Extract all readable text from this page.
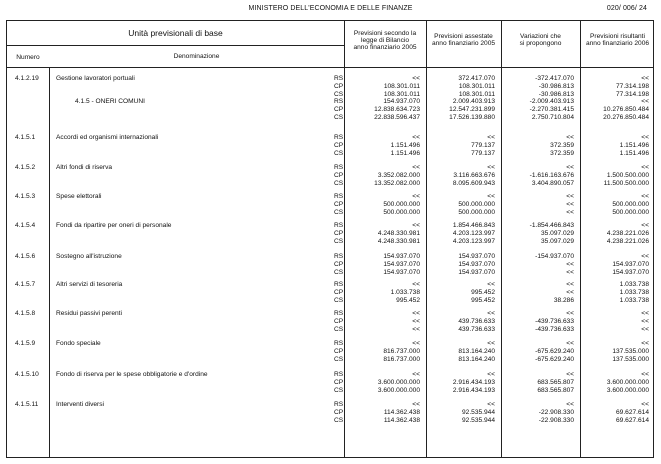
MINISTERO DELL'ECONOMIA E DELLE FINANZE	020/ 006/ 24
Unità previsionali di base
Numero	Denominazione
Previsioni secondo la
legge di Bilancio
anno finanziario 2005
Previsioni assestate
anno finanziario 2005
Variazioni che
si propongono
Previsioni risultanti
anno finanziario 2006
4.1.2.19	Gestione lavoratori portuali	RS	<<	372.417.070	-372.417.070	<<
CP	108.301.011	108.301.011	-30.986.813	77.314.198
CS	108.301.011	108.301.011	-30.986.813	77.314.198
4.1.5 - ONERI COMUNI	RS	154.937.070	2.009.403.913	-2.009.403.913	<<
CP	12.838.634.723	12.547.231.899	-2.270.381.415	10.276.850.484
CS	22.838.596.437	17.526.139.880	2.750.710.804	20.276.850.484
4.1.5.1	Accordi ed organismi internazionali	RS	<<	<<	<<	<<
CP	1.151.496	779.137	372.359	1.151.496
CS	1.151.496	779.137	372.359	1.151.496
4.1.5.2	Altri fondi di riserva	RS	<<	<<	<<	<<
CP	3.352.082.000	3.116.663.676	-1.616.163.676	1.500.500.000
CS	13.352.082.000	8.095.609.943	3.404.890.057	11.500.500.000
4.1.5.3	Spese elettorali	RS	<<	<<	<<	<<
CP	500.000.000	500.000.000	<<	500.000.000
CS	500.000.000	500.000.000	<<	500.000.000
4.1.5.4	Fondi da ripartire per oneri di personale	RS	<<	1.854.466.843	-1.854.466.843	<<
CP	4.248.330.981	4.203.123.997	35.097.029	4.238.221.026
CS	4.248.330.981	4.203.123.997	35.097.029	4.238.221.026
4.1.5.6	Sostegno all'istruzione	RS	154.937.070	154.937.070	-154.937.070	<<
CP	154.937.070	154.937.070	<<	154.937.070
CS	154.937.070	154.937.070	<<	154.937.070
4.1.5.7	Altri servizi di tesoreria	RS	<<	<<	<<	1.033.738
CP	1.033.738	995.452	<<	1.033.738
CS	995.452	995.452	38.286	1.033.738
4.1.5.8	Residui passivi perenti	RS	<<	<<	<<	<<
CP	<<	439.736.633	-439.736.633	<<
CS	<<	439.736.633	-439.736.633	<<
4.1.5.9	Fondo speciale	RS	<<	<<	<<	<<
CP	816.737.000	813.164.240	-675.629.240	137.535.000
CS	816.737.000	813.164.240	-675.629.240	137.535.000
4.1.5.10	Fondo di riserva per le spese obbligatorie e d'ordine	RS	<<	<<	<<	<<
CP	3.600.000.000	2.916.434.193	683.565.807	3.600.000.000
CS	3.600.000.000	2.916.434.193	683.565.807	3.600.000.000
4.1.5.11	Interventi diversi	RS	<<	<<	<<	<<
CP	114.362.438	92.535.944	-22.908.330	69.627.614
CS	114.362.438	92.535.944	-22.908.330	69.627.614
